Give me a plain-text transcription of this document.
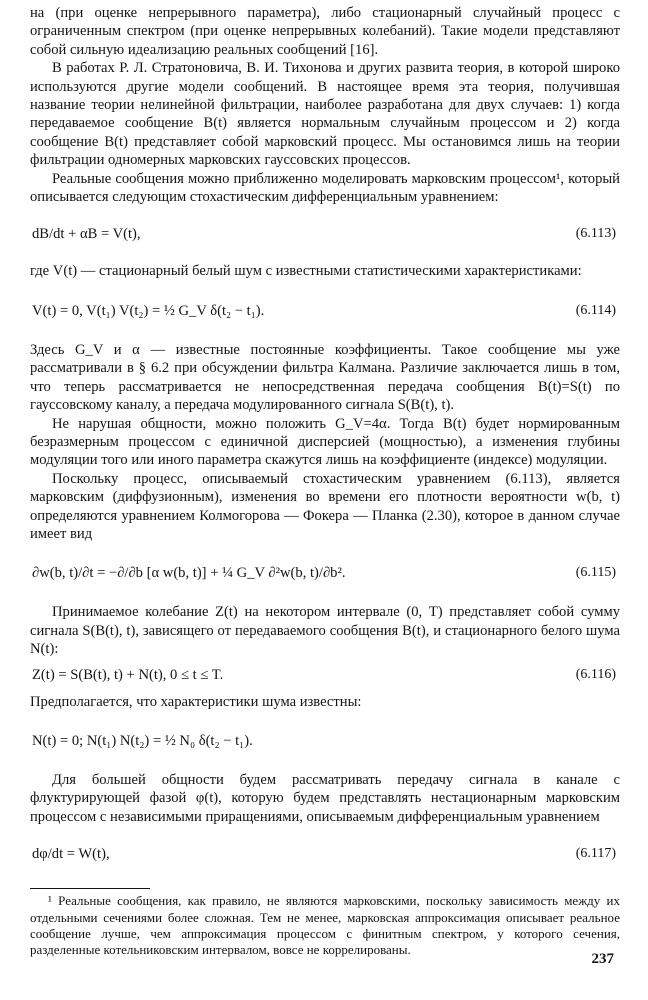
на (при оценке непрерывного параметра), либо стационарный случайный процесс с ограниченным спектром (при оценке непрерывных колебаний). Такие модели представляют собой сильную идеализацию реальных сообщений [16].

В работах Р. Л. Стратоновича, В. И. Тихонова и других развита теория, в которой широко используются другие модели сообщений. В настоящее время эта теория, получившая название теории нелинейной фильтрации, наиболее разработана для двух случаев: 1) когда передаваемое сообщение B(t) является нормальным случайным процессом и 2) когда сообщение B(t) представляет собой марковский процесс. Мы остановимся лишь на теории фильтрации одномерных марковских гауссовских процессов.

Реальные сообщения можно приближенно моделировать марковским процессом¹, который описывается следующим стохастическим дифференциальным уравнением:

dB/dt + αB = V(t),	(6.113)

где V(t) — стационарный белый шум с известными статистическими характеристиками:

V(t) = 0, V(t₁) V(t₂) = ½ G_V δ(t₂ − t₁).	(6.114)

Здесь G_V и α — известные постоянные коэффициенты. Такое сообщение мы уже рассматривали в § 6.2 при обсуждении фильтра Калмана. Различие заключается лишь в том, что теперь рассматривается не непосредственная передача сообщения B(t)=S(t) по гауссовскому каналу, а передача модулированного сигнала S(B(t), t).

Не нарушая общности, можно положить G_V=4α. Тогда B(t) будет нормированным безразмерным процессом с единичной дисперсией (мощностью), а изменения глубины модуляции того или иного параметра скажутся лишь на коэффициенте (индексе) модуляции.

Поскольку процесс, описываемый стохастическим уравнением (6.113), является марковским (диффузионным), изменения во времени его плотности вероятности w(b, t) определяются уравнением Колмогорова — Фокера — Планка (2.30), которое в данном случае имеет вид

∂w(b, t)/∂t = −∂/∂b [α w(b, t)] + ¼ G_V ∂²w(b, t)/∂b².	(6.115)

Принимаемое колебание Z(t) на некотором интервале (0, T) представляет собой сумму сигнала S(B(t), t), зависящего от передаваемого сообщения B(t), и стационарного белого шума N(t):

Z(t) = S(B(t), t) + N(t), 0 ≤ t ≤ T.	(6.116)

Предполагается, что характеристики шума известны:

N(t) = 0; N(t₁) N(t₂) = ½ N₀ δ(t₂ − t₁).

Для большей общности будем рассматривать передачу сигнала в канале с флуктурирующей фазой φ(t), которую будем представлять нестационарным марковским процессом с независимыми приращениями, описываемым дифференциальным уравнением

dφ/dt = W(t),	(6.117)

¹ Реальные сообщения, как правило, не являются марковскими, поскольку зависимость между их отдельными сечениями более сложная. Тем не менее, марковская аппроксимация описывает реальное сообщение лучше, чем аппроксимация процессом с финитным спектром, у которого сечения, разделенные котельниковским интервалом, вовсе не коррелированы.

237
